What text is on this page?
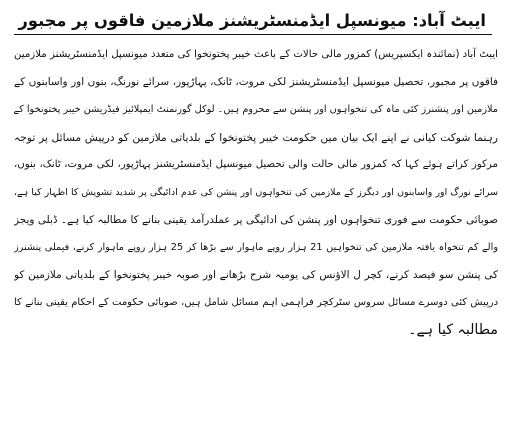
ایبٹ آباد: میونسپل ایڈمنسٹریشنز ملازمین فاقوں پر مجبور
ایبٹ آباد (نمائندہ ایکسپریس) کمزور مالی حالات کے باعث خیبر پختونخوا کی متعدد میونسپل ایڈمنسٹریشنز ملازمین
فاقوں پر مجبور، تحصیل میونسپل ایڈمنسٹریشنز لکی مروت، ٹانک، پہاڑپور، سرائے نورنگ، بنوں اور واسابنوں کے
ملازمین اور پنشنرز کئی ماہ کی تنخواہوں اور پنشن سے محروم ہیں۔ لوکل گورنمنٹ ایمپلائیز فیڈریشن خیبر پختونخوا کے
رہنما شوکت کیانی نے اپنے ایک بیان میں حکومت خیبر پختونخوا کے بلدیاتی ملازمین کو درپیش مسائل پر توجہ
مرکوز کراتے ہوئے کہا کہ کمزور مالی حالت والی تحصیل میونسپل ایڈمنسٹریشنز پہاڑپور، لکی مروت، ٹانک، بنوں،
سرائے نورگ اور واسابنوں اور دیگرز کے ملازمین کی تنخواہوں اور پنشن کی عدم ادائیگی پر شدید تشویش کا اظہار کیا ہے،
صوبائی حکومت سے فوری تنخواہوں اور پنشن کی ادائیگی پر عملدرآمد یقینی بنانے کا مطالبہ کیا ہے۔ ڈبلی ویجز
والے کم تنخواہ یافتہ ملازمین کی تنخواہیں 21 ہزار روپے ماہوار سے بڑھا کر 25 ہزار روپے ماہوار کرنے، فیملی پنشنرز
کی پنشن سو فیصد کرنے، کچر ل الاؤنس کی یومیہ شرح بڑھانے اور صوبہ خیبر پختونخوا کے بلدیاتی ملازمین کو
درپیش کئی دوسرے مسائل سروس سٹرکچر فراہمی اہم مسائل شامل ہیں، صوبائی حکومت کے احکام یقینی بنانے کا
مطالبہ کیا ہے۔
